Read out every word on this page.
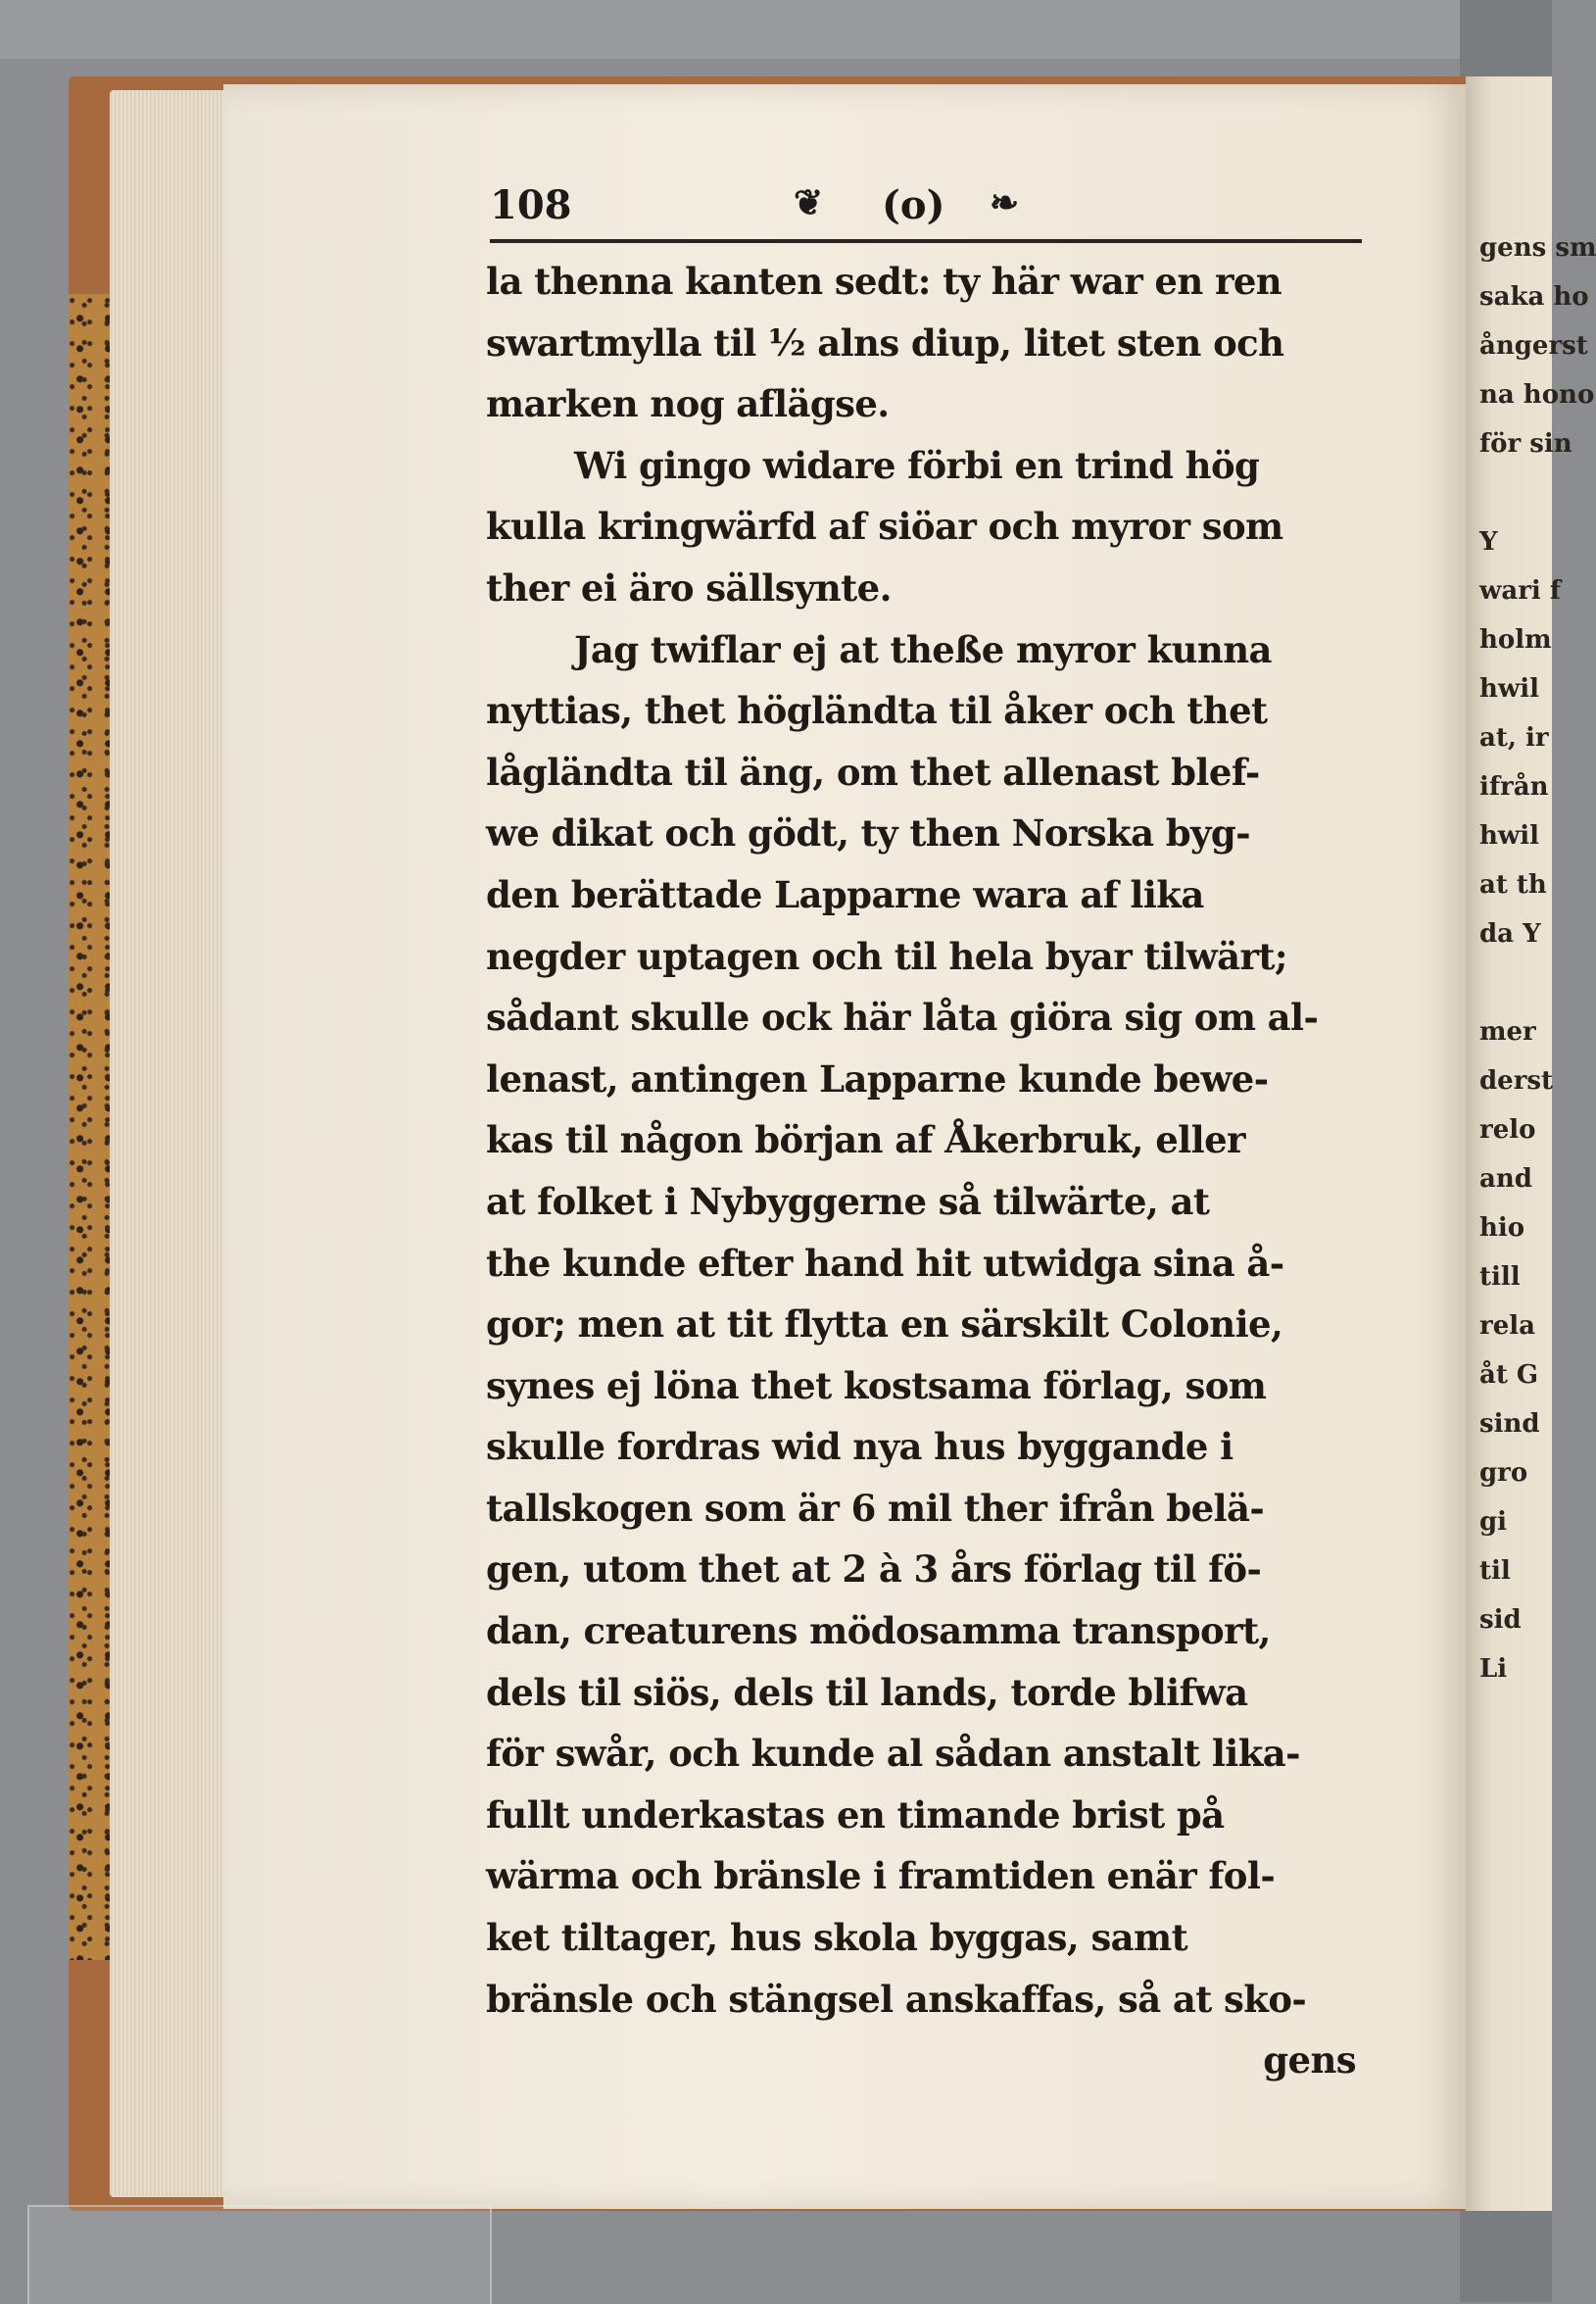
gens sm
saka ho
ångerst
na hono
för sin

Y
wari f
holm
hwil
at, ir
ifrån
hwil
at th
da Y

mer
derst
relo
and
hio
till
rela
åt G
sind
gro
gi
til
sid
Li
108	❦ (o) ❧
la thenna kanten sedt: ty här war en ren
swartmylla til ½ alns diup, litet sten och
marken nog aflägse.
Wi gingo widare förbi en trind hög
kulla kringwärfd af siöar och myror som
ther ei äro sällsynte.
Jag twiflar ej at theße myror kunna
nyttias, thet högländta til åker och thet
lågländta til äng, om thet allenast blef-
we dikat och gödt, ty then Norska byg-
den berättade Lapparne wara af lika
negder uptagen och til hela byar tilwärt;
sådant skulle ock här låta giöra sig om al-
lenast, antingen Lapparne kunde bewe-
kas til någon början af Åkerbruk, eller
at folket i Nybyggerne så tilwärte, at
the kunde efter hand hit utwidga sina å-
gor; men at tit flytta en särskilt Colonie,
synes ej löna thet kostsama förlag, som
skulle fordras wid nya hus byggande i
tallskogen som är 6 mil ther ifrån belä-
gen, utom thet at 2 à 3 års förlag til fö-
dan, creaturens mödosamma transport,
dels til siös, dels til lands, torde blifwa
för swår, och kunde al sådan anstalt lika-
fullt underkastas en timande brist på
wärma och bränsle i framtiden enär fol-
ket tiltager, hus skola byggas, samt
bränsle och stängsel anskaffas, så at sko-
gens
